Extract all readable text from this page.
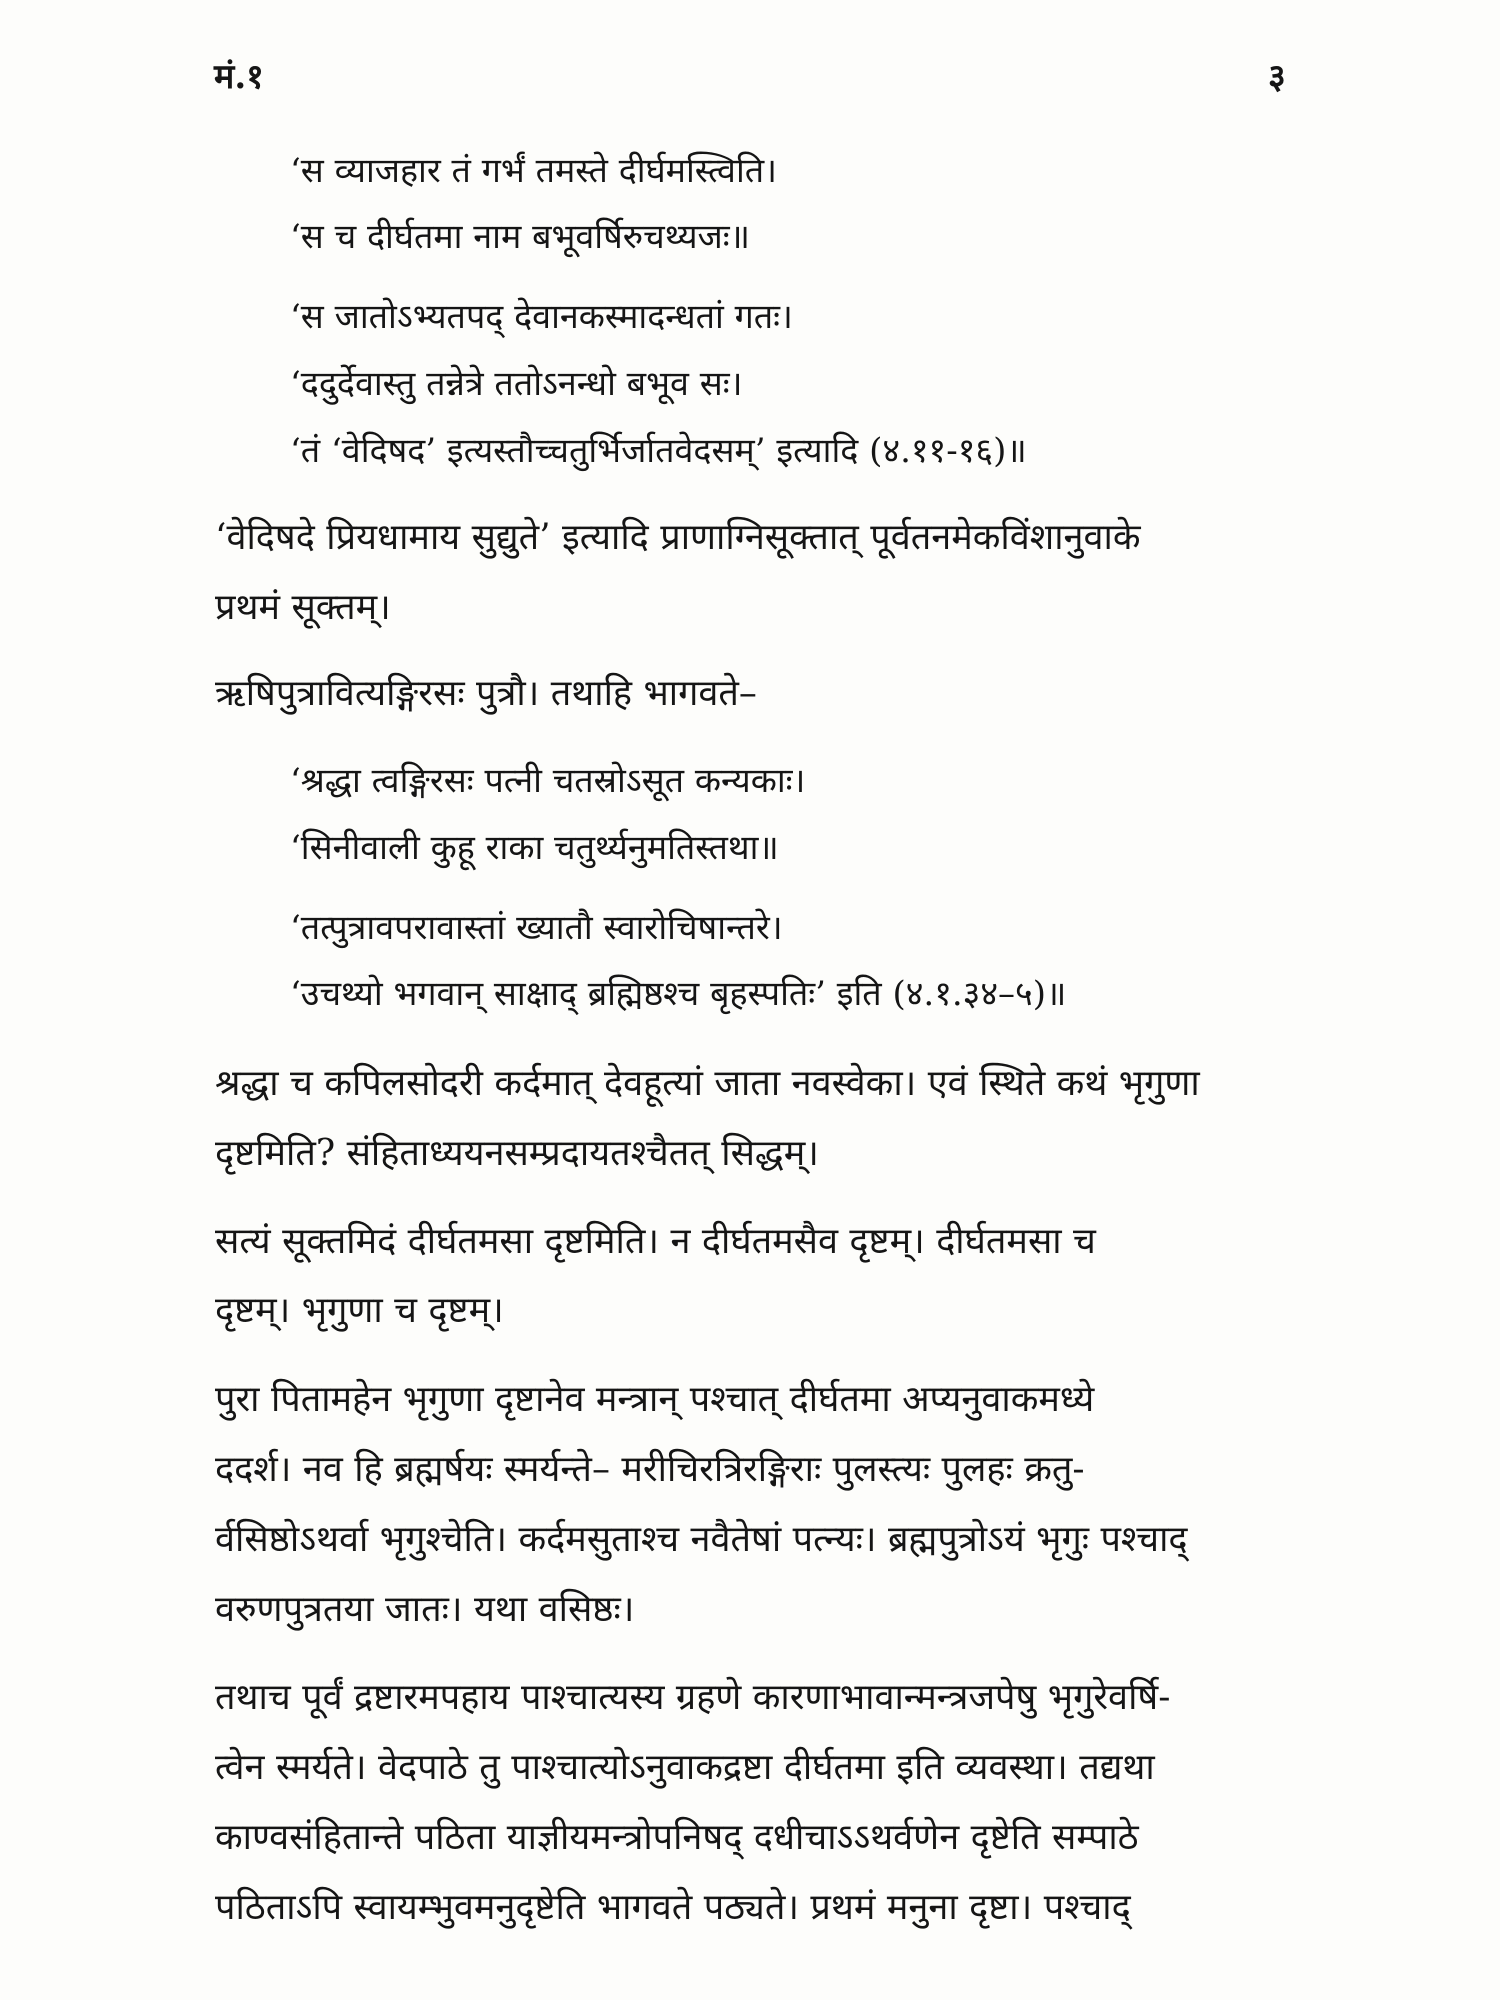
मं.१	३
‘स व्याजहार तं गर्भं तमस्ते दीर्घमस्त्विति।
‘स च दीर्घतमा नाम बभूवर्षिरुचथ्यजः॥
‘स जातोऽभ्यतपद् देवानकस्मादन्धतां गतः।
‘ददुर्देवास्तु तन्नेत्रे ततोऽनन्धो बभूव सः।
‘तं ‘वेदिषद’ इत्यस्तौच्चतुर्भिर्जातवेदसम्’ इत्यादि (४.११-१६)॥
‘वेदिषदे प्रियधामाय सुद्युते’ इत्यादि प्राणाग्निसूक्तात् पूर्वतनमेकविंशानुवाके
प्रथमं सूक्तम्।
ऋषिपुत्रावित्यङ्गिरसः पुत्रौ। तथाहि भागवते–
‘श्रद्धा त्वङ्गिरसः पत्नी चतस्रोऽसूत कन्यकाः।
‘सिनीवाली कुहू राका चतुर्थ्यनुमतिस्तथा॥
‘तत्पुत्रावपरावास्तां ख्यातौ स्वारोचिषान्तरे।
‘उचथ्यो भगवान् साक्षाद् ब्रह्मिष्ठश्च बृहस्पतिः’ इति (४.१.३४–५)॥
श्रद्धा च कपिलसोदरी कर्दमात् देवहूत्यां जाता नवस्वेका। एवं स्थिते कथं भृगुणा
दृष्टमिति? संहिताध्ययनसम्प्रदायतश्चैतत् सिद्धम्।
सत्यं सूक्तमिदं दीर्घतमसा दृष्टमिति। न दीर्घतमसैव दृष्टम्। दीर्घतमसा च
दृष्टम्। भृगुणा च दृष्टम्।
पुरा पितामहेन भृगुणा दृष्टानेव मन्त्रान् पश्चात् दीर्घतमा अप्यनुवाकमध्ये
ददर्श। नव हि ब्रह्मर्षयः स्मर्यन्ते– मरीचिरत्रिरङ्गिराः पुलस्त्यः पुलहः क्रतु-
र्वसिष्ठोऽथर्वा भृगुश्चेति। कर्दमसुताश्च नवैतेषां पत्न्यः। ब्रह्मपुत्रोऽयं भृगुः पश्चाद्
वरुणपुत्रतया जातः। यथा वसिष्ठः।
तथाच पूर्वं द्रष्टारमपहाय पाश्चात्यस्य ग्रहणे कारणाभावान्मन्त्रजपेषु भृगुरेवर्षि-
त्वेन स्मर्यते। वेदपाठे तु पाश्चात्योऽनुवाकद्रष्टा दीर्घतमा इति व्यवस्था। तद्यथा
काण्वसंहितान्ते पठिता याज्ञीयमन्त्रोपनिषद् दधीचाऽऽथर्वणेन दृष्टेति सम्पाठे
पठिताऽपि स्वायम्भुवमनुदृष्टेति भागवते पठ्यते। प्रथमं मनुना दृष्टा। पश्चाद्
